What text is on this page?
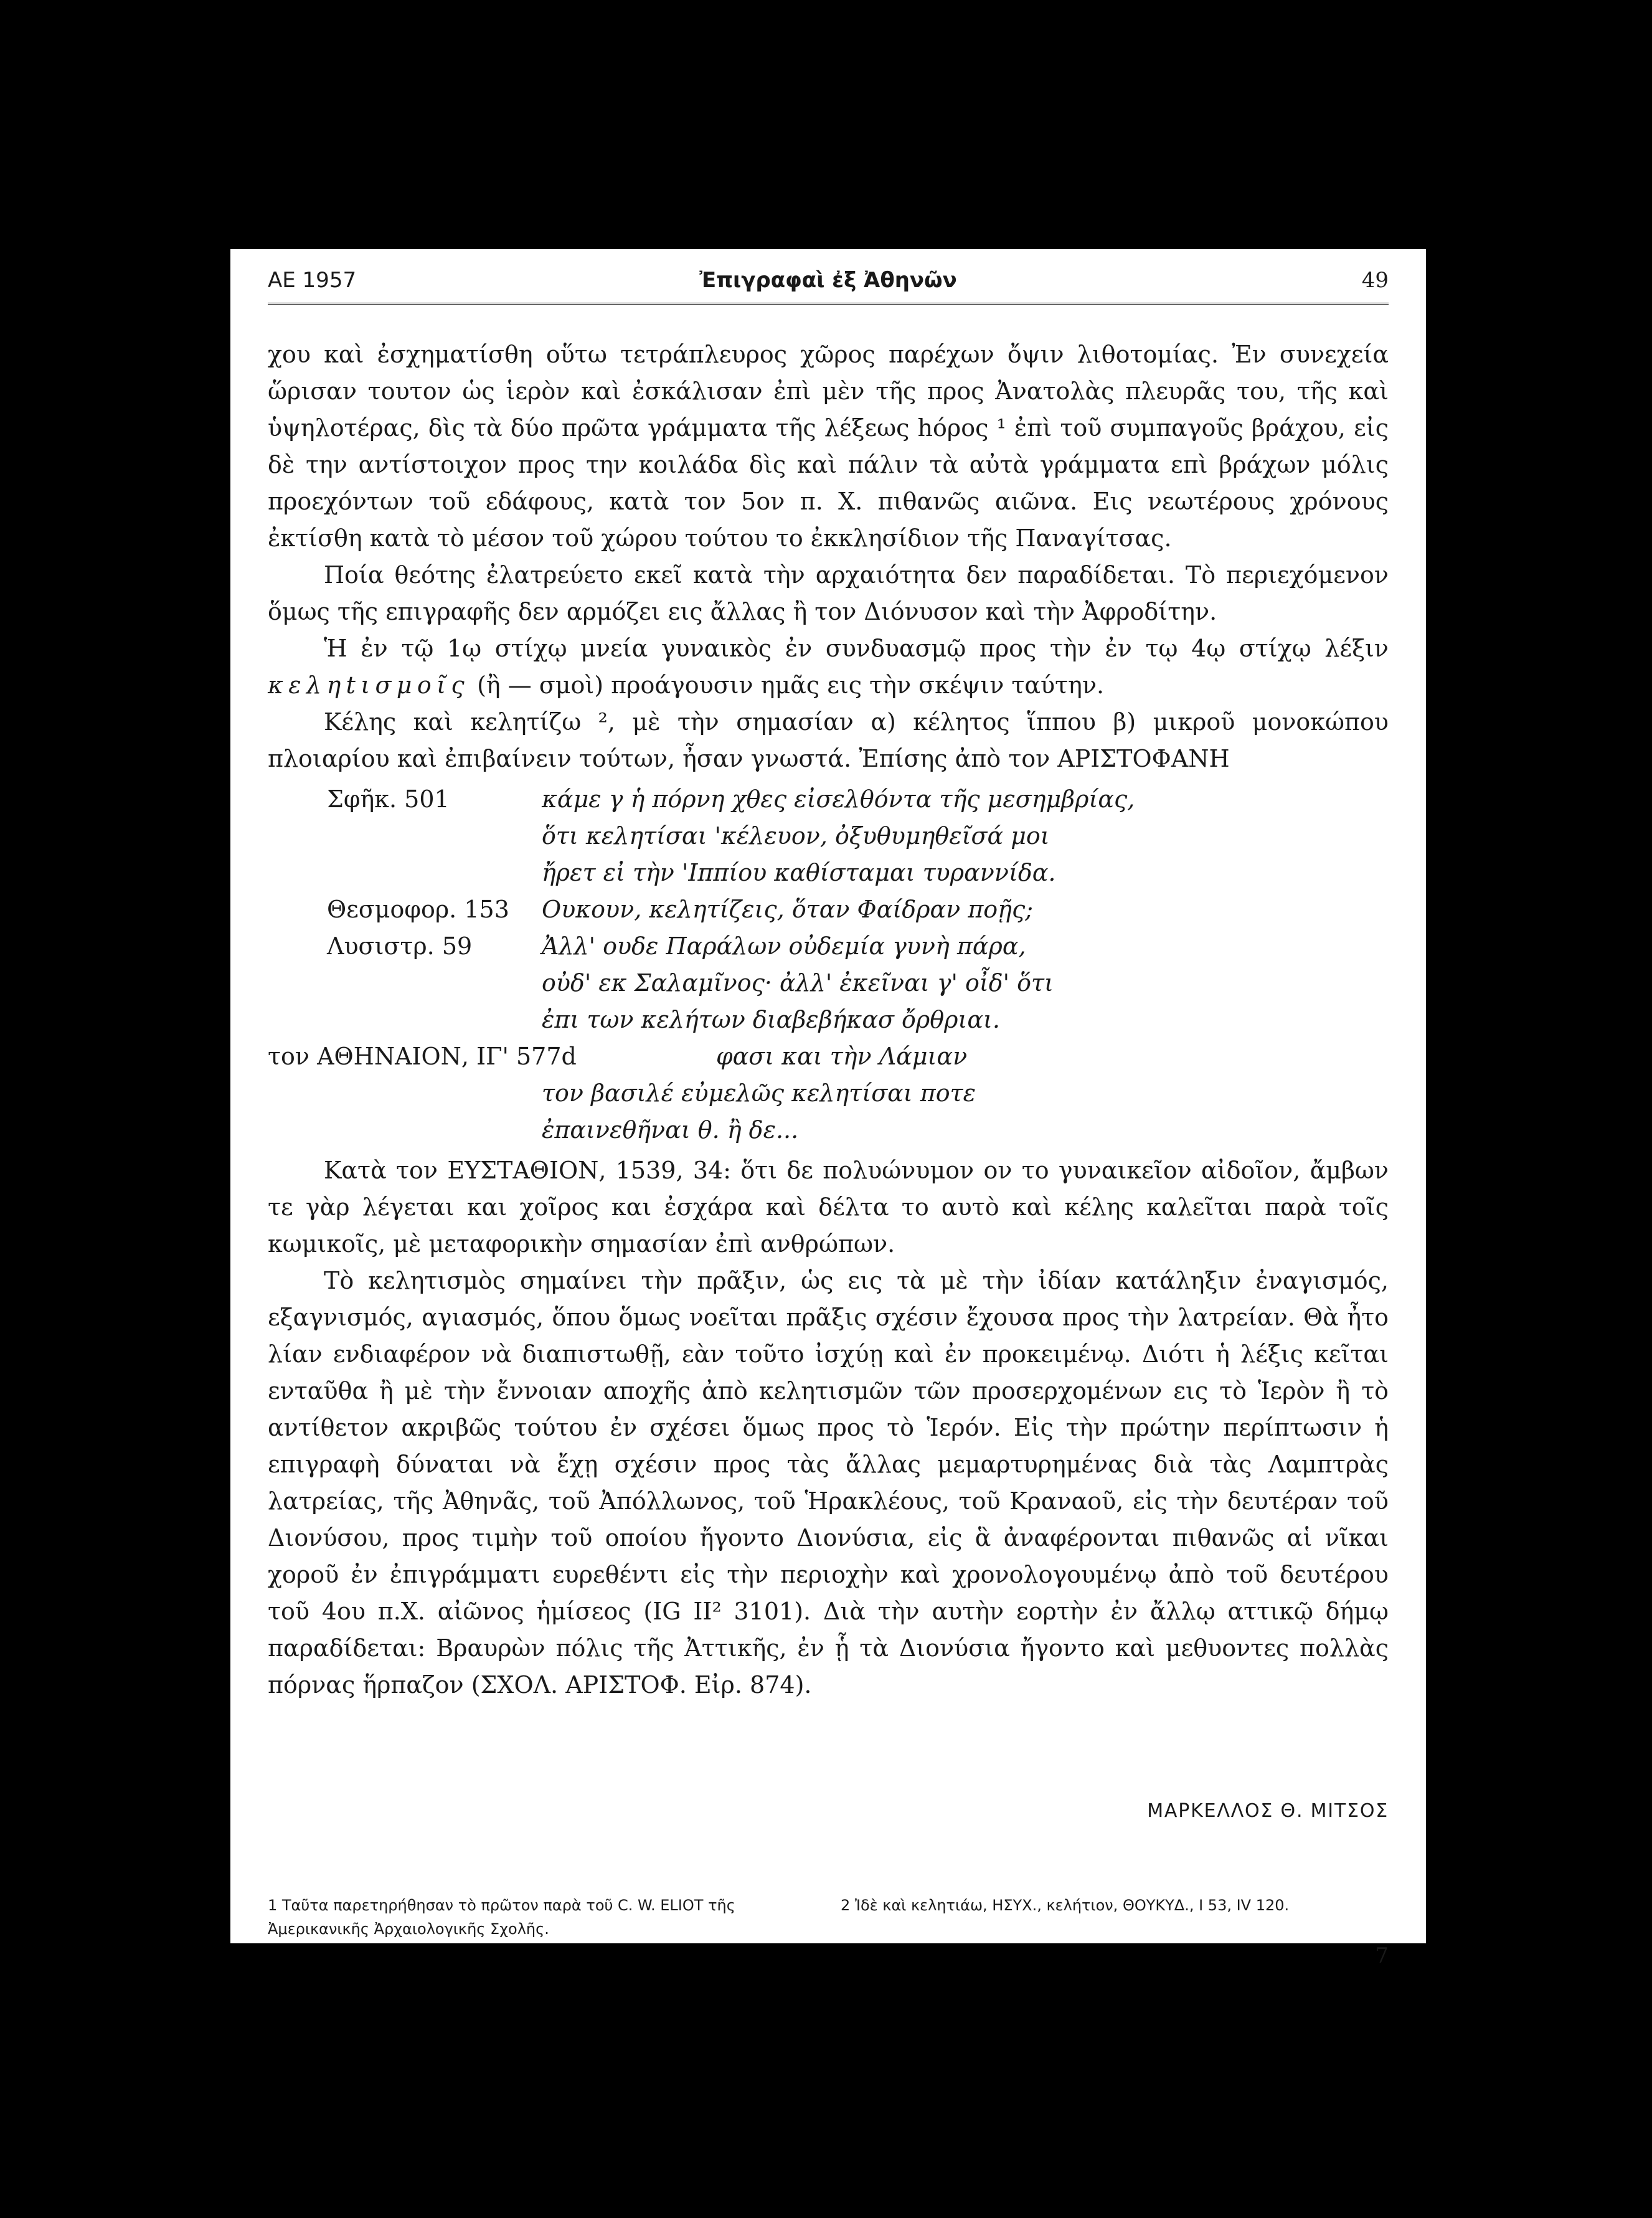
ΑΕ 1957	Ἐπιγραφαὶ ἐξ Ἀθηνῶν	49

χου καὶ ἐσχηματίσθη οὕτω τετράπλευρος χῶρος παρέχων ὄψιν λιθοτομίας. Ἐν συνεχεία ὥρισαν τουτον ὡς ἱερὸν καὶ ἐσκάλισαν ἐπὶ μὲν τῆς προς Ἀνατολὰς πλευρᾶς του, τῆς καὶ ὑψηλοτέρας, δὶς τὰ δύο πρῶτα γράμματα τῆς λέξεως hόρος ¹ ἐπὶ τοῦ συμπαγοῦς βράχου, εἰς δὲ την αντίστοιχον προς την κοιλάδα δὶς καὶ πάλιν τὰ αὐτὰ γράμματα επὶ βράχων μόλις προεχόντων τοῦ εδάφους, κατὰ τον 5ον π. Χ. πιθανῶς αιῶνα. Εις νεωτέρους χρόνους ἐκτίσθη κατὰ τὸ μέσον τοῦ χώρου τούτου το ἐκκλησίδιον τῆς Παναγίτσας.

Ποία θεότης ἐλατρεύετο εκεῖ κατὰ τὴν αρχαιότητα δεν παραδίδεται. Τὸ περιεχόμενον ὅμως τῆς επιγραφῆς δεν αρμόζει εις ἄλλας ἢ τον Διόνυσον καὶ τὴν Ἀφροδίτην.

Ἡ ἐν τῷ 1ῳ στίχῳ μνεία γυναικὸς ἐν συνδυασμῷ προς τὴν ἐν τῳ 4ῳ στίχῳ λέξιν κεληtισμοῖς (ἢ — σμοὶ) προάγουσιν ημᾶς εις τὴν σκέψιν ταύτην.

Κέλης καὶ κελητίζω ², μὲ τὴν σημασίαν α) κέλητος ἵππου β) μικροῦ μονοκώπου πλοιαρίου καὶ ἐπιβαίνειν τούτων, ἦσαν γνωστά. Ἐπίσης ἀπὸ τον ΑΡΙΣΤΟΦΑΝΗ

Σφῆκ. 501	κάμε γ ἡ πόρνη χθες εἰσελθόντα τῆς μεσημβρίας,
ὅτι κελητίσαι 'κέλευον, ὀξυθυμηθεῖσά μοι
ἤρετ εἰ τὴν 'Ιππίου καθίσταμαι τυραννίδα.
Θεσμοφορ. 153	Ουκουν, κελητίζεις, ὅταν Φαίδραν ποῇς;
Λυσιστρ. 59	Ἀλλ' ουδε Παράλων οὐδεμία γυνὴ πάρα,
οὐδ' εκ Σαλαμῖνος· ἀλλ' ἐκεῖναι γ' οἶδ' ὅτι
ἐπι των κελήτων διαβεβήκασ ὄρθριαι.
τον ΑΘΗΝΑΙΟΝ, ΙΓ' 577d	φασι και τὴν Λάμιαν
τον βασιλέ εὐμελῶς κελητίσαι ποτε
ἐπαινεθῆναι θ. ἢ δε...

Κατὰ τον ΕΥΣΤΑΘΙΟΝ, 1539, 34: ὅτι δε πολυώνυμον ον το γυναικεῖον αἰδοῖον, ἄμβων τε γὰρ λέγεται και χοῖρος και ἐσχάρα καὶ δέλτα το αυτὸ καὶ κέλης καλεῖται παρὰ τοῖς κωμικοῖς, μὲ μεταφορικὴν σημασίαν ἐπὶ ανθρώπων.

Τὸ κελητισμὸς σημαίνει τὴν πρᾶξιν, ὡς εις τὰ μὲ τὴν ἰδίαν κατάληξιν ἐναγισμός, εξαγνισμός, αγιασμός, ὅπου ὅμως νοεῖται πρᾶξις σχέσιν ἔχουσα προς τὴν λατρείαν. Θὰ ἦτο λίαν ενδιαφέρον νὰ διαπιστωθῇ, εὰν τοῦτο ἰσχύῃ καὶ ἐν προκειμένῳ. Διότι ἡ λέξις κεῖται ενταῦθα ἢ μὲ τὴν ἔννοιαν αποχῆς ἀπὸ κελητισμῶν τῶν προσερχομένων εις τὸ Ἱερὸν ἢ τὸ αντίθετον ακριβῶς τούτου ἐν σχέσει ὅμως προς τὸ Ἱερόν. Εἰς τὴν πρώτην περίπτωσιν ἡ επιγραφὴ δύναται νὰ ἔχῃ σχέσιν προς τὰς ἄλλας μεμαρτυρημένας διὰ τὰς Λαμπτρὰς λατρείας, τῆς Ἀθηνᾶς, τοῦ Ἀπόλλωνος, τοῦ Ἡρακλέους, τοῦ Κραναοῦ, εἰς τὴν δευτέραν τοῦ Διονύσου, προς τιμὴν τοῦ οποίου ἤγοντο Διονύσια, εἰς ἃ ἀναφέρονται πιθανῶς αἱ νῖκαι χοροῦ ἐν ἐπιγράμματι ευρεθέντι εἰς τὴν περιοχὴν καὶ χρονολογουμένῳ ἀπὸ τοῦ δευτέρου τοῦ 4ου π.Χ. αἰῶνος ἡμίσεος (IG II² 3101). Διὰ τὴν αυτὴν εορτὴν ἐν ἄλλῳ αττικῷ δήμῳ παραδίδεται: Βραυρὼν πόλις τῆς Ἀττικῆς, ἐν ᾗ τὰ Διονύσια ἤγοντο καὶ μεθυοντες πολλὰς πόρνας ἥρπαζον (ΣΧΟΛ. ΑΡΙΣΤΟΦ. Εἰρ. 874).

ΜΑΡΚΕΛΛΟΣ Θ. ΜΙΤΣΟΣ
1 Ταῦτα παρετηρήθησαν τὸ πρῶτον παρὰ τοῦ C. W. ΕLIΟΤ τῆς Ἀμερικανικῆς Ἀρχαιολογικῆς Σχολῆς.
2 Ἰδὲ καὶ κελητιάω, ΗΣΥΧ., κελήτιον, ΘΟΥΚΥΔ., Ι 53, IV 120.
7
